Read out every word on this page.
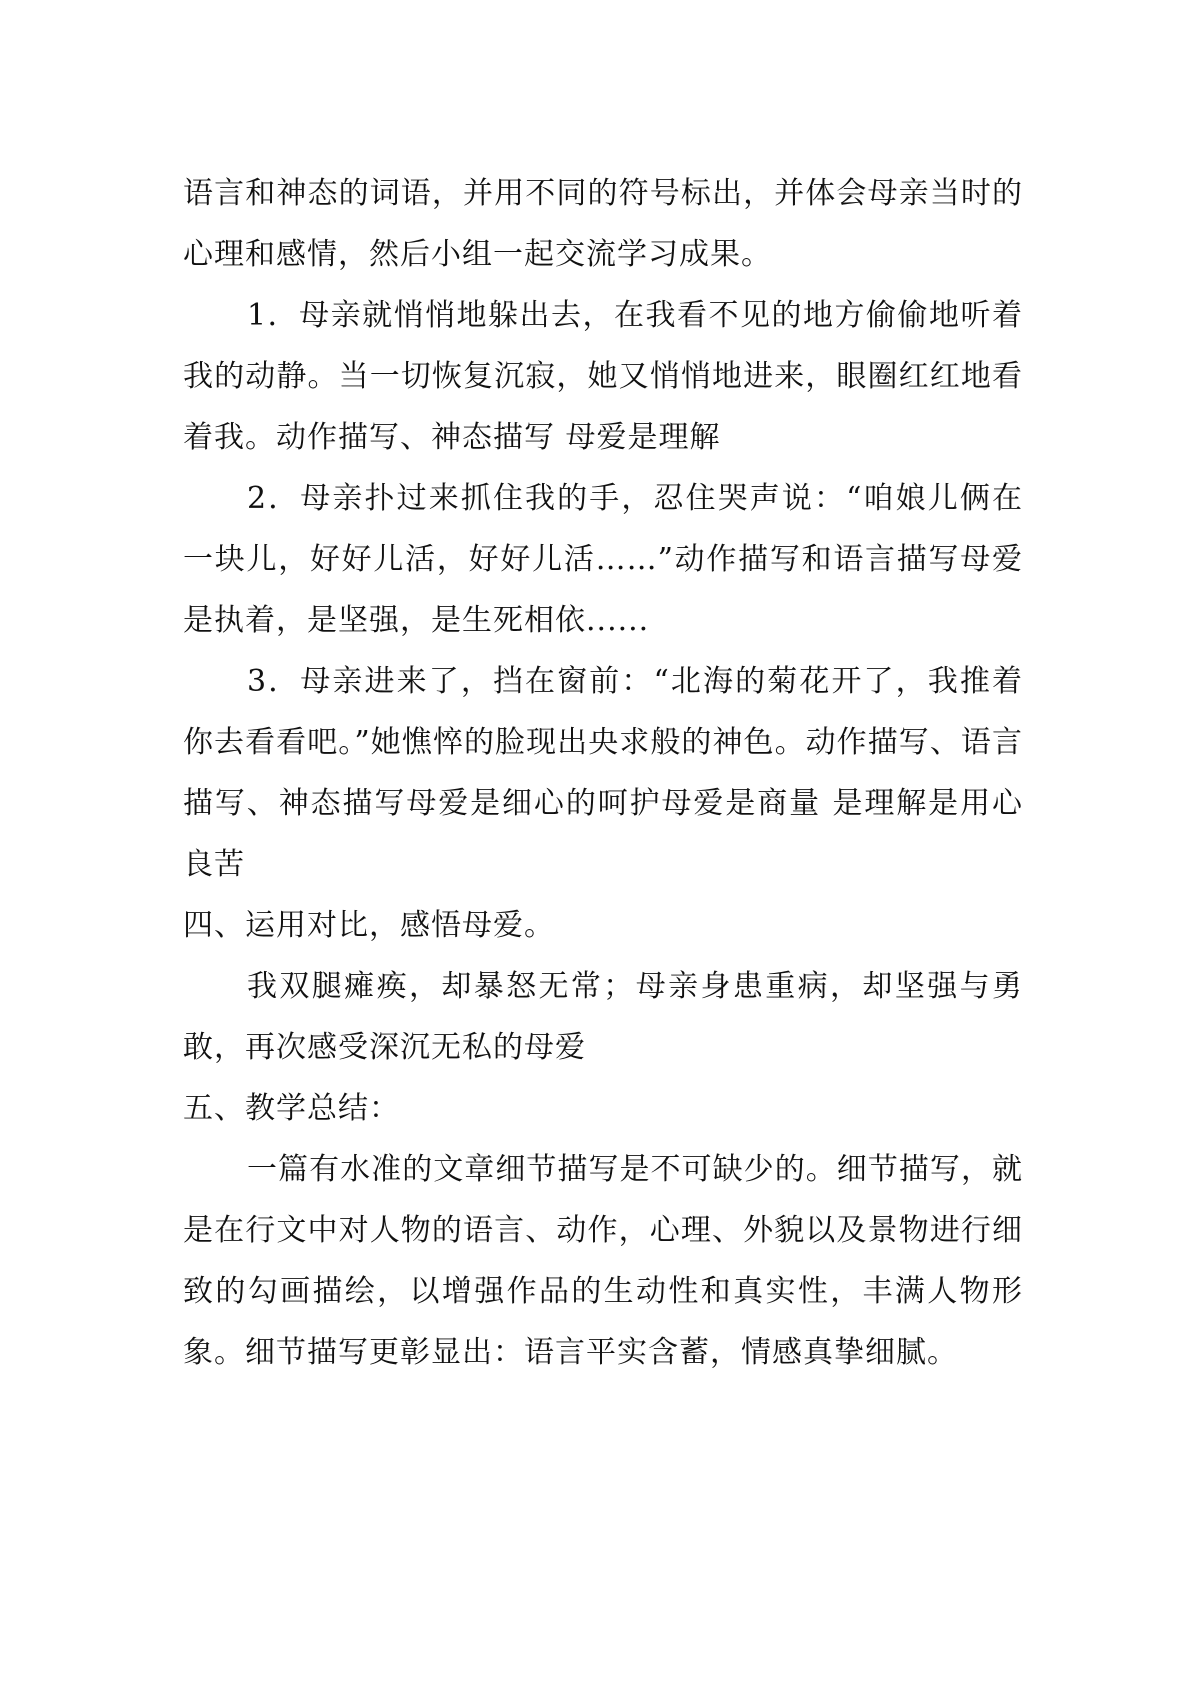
语言和神态的词语，并用不同的符号标出，并体会母亲当时的心理和感情，然后小组一起交流学习成果。

1．母亲就悄悄地躲出去，在我看不见的地方偷偷地听着我的动静。当一切恢复沉寂，她又悄悄地进来，眼圈红红地看着我。动作描写、神态描写 母爱是理解

2．母亲扑过来抓住我的手，忍住哭声说：“咱娘儿俩在一块儿，好好儿活，好好儿活……”动作描写和语言描写母爱是执着，是坚强，是生死相依......

3．母亲进来了，挡在窗前：“北海的菊花开了，我推着你去看看吧。”她憔悴的脸现出央求般的神色。动作描写、语言描写、神态描写母爱是细心的呵护母爱是商量 是理解是用心良苦

四、运用对比，感悟母爱。

我双腿瘫痪，却暴怒无常；母亲身患重病，却坚强与勇敢，再次感受深沉无私的母爱

五、教学总结：

一篇有水准的文章细节描写是不可缺少的。细节描写，就是在行文中对人物的语言、动作，心理、外貌以及景物进行细致的勾画描绘，以增强作品的生动性和真实性，丰满人物形象。细节描写更彰显出：语言平实含蓄，情感真挚细腻。
